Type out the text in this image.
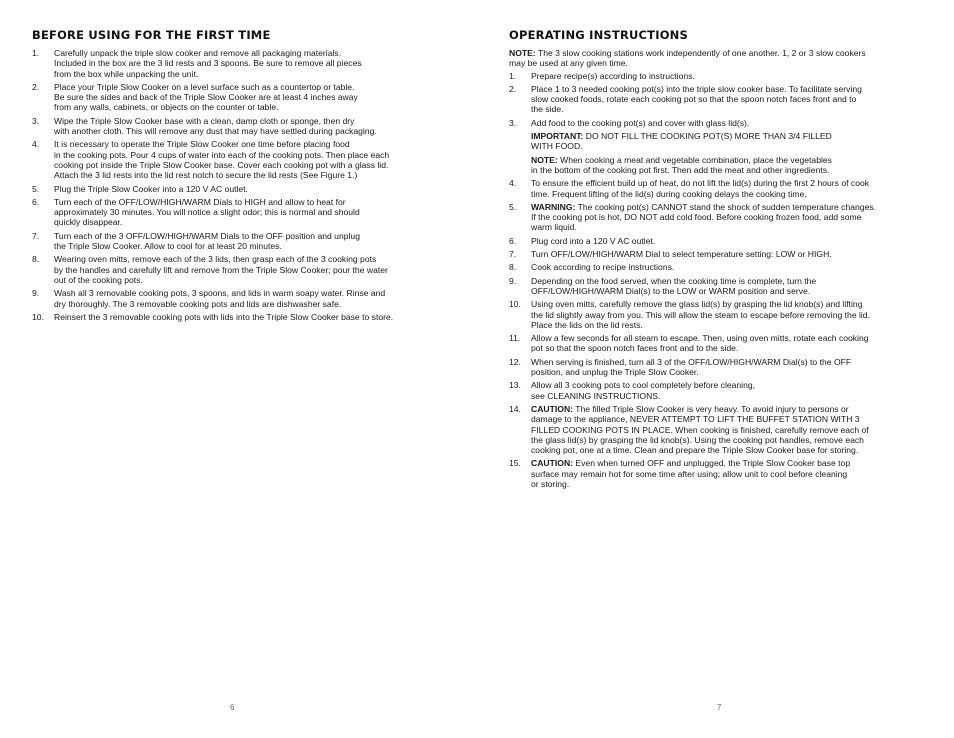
BEFORE USING FOR THE FIRST TIME
1. Carefully unpack the triple slow cooker and remove all packaging materials.
Included in the box are the 3 lid rests and 3 spoons. Be sure to remove all pieces
from the box while unpacking the unit.
2. Place your Triple Slow Cooker on a level surface such as a countertop or table.
Be sure the sides and back of the Triple Slow Cooker are at least 4 inches away
from any walls, cabinets, or objects on the counter or table.
3. Wipe the Triple Slow Cooker base with a clean, damp cloth or sponge, then dry
with another cloth. This will remove any dust that may have settled during packaging.
4. It is necessary to operate the Triple Slow Cooker one time before placing food
in the cooking pots. Pour 4 cups of water into each of the cooking pots. Then place each
cooking pot inside the Triple Slow Cooker base. Cover each cooking pot with a glass lid.
Attach the 3 lid rests into the lid rest notch to secure the lid rests (See Figure 1.)
5. Plug the Triple Slow Cooker into a 120 V AC outlet.
6. Turn each of the OFF/LOW/HIGH/WARM Dials to HIGH and allow to heat for
approximately 30 minutes. You will notice a slight odor; this is normal and should
quickly disappear.
7. Turn each of the 3 OFF/LOW/HIGH/WARM Dials to the OFF position and unplug
the Triple Slow Cooker. Allow to cool for at least 20 minutes.
8. Wearing oven mitts, remove each of the 3 lids, then grasp each of the 3 cooking pots
by the handles and carefully lift and remove from the Triple Slow Cooker; pour the water
out of the cooking pots.
9. Wash all 3 removable cooking pots, 3 spoons, and lids in warm soapy water. Rinse and
dry thoroughly. The 3 removable cooking pots and lids are dishwasher safe.
10. Reinsert the 3 removable cooking pots with lids into the Triple Slow Cooker base to store.
6
OPERATING INSTRUCTIONS
NOTE: The 3 slow cooking stations work independently of one another. 1, 2 or 3 slow cookers
may be used at any given time.
1. Prepare recipe(s) according to instructions.
2. Place 1 to 3 needed cooking pot(s) into the triple slow cooker base. To facilitate serving
slow cooked foods, rotate each cooking pot so that the spoon notch faces front and to
the side.
3. Add food to the cooking pot(s) and cover with glass lid(s).
IMPORTANT: DO NOT FILL THE COOKING POT(S) MORE THAN 3/4 FILLED
WITH FOOD.
NOTE: When cooking a meat and vegetable combination, place the vegetables
in the bottom of the cooking pot first. Then add the meat and other ingredients.
4. To ensure the efficient build up of heat, do not lift the lid(s) during the first 2 hours of cook
time. Frequent lifting of the lid(s) during cooking delays the cooking time.
5. WARNING: The cooking pot(s) CANNOT stand the shock of sudden temperature changes.
If the cooking pot is hot, DO NOT add cold food. Before cooking frozen food, add some
warm liquid.
6. Plug cord into a 120 V AC outlet.
7. Turn OFF/LOW/HIGH/WARM Dial to select temperature setting: LOW or HIGH.
8. Cook according to recipe instructions.
9. Depending on the food served, when the cooking time is complete, turn the
OFF/LOW/HIGH/WARM Dial(s) to the LOW or WARM position and serve.
10. Using oven mitts, carefully remove the glass lid(s) by grasping the lid knob(s) and lifting
the lid slightly away from you. This will allow the steam to escape before removing the lid.
Place the lids on the lid rests.
11. Allow a few seconds for all steam to escape. Then, using oven mitts, rotate each cooking
pot so that the spoon notch faces front and to the side.
12. When serving is finished, turn all 3 of the OFF/LOW/HIGH/WARM Dial(s) to the OFF
position, and unplug the Triple Slow Cooker.
13. Allow all 3 cooking pots to cool completely before cleaning,
see CLEANING INSTRUCTIONS.
14. CAUTION: The filled Triple Slow Cooker is very heavy. To avoid injury to persons or
damage to the appliance, NEVER ATTEMPT TO LIFT THE BUFFET STATION WITH 3
FILLED COOKING POTS IN PLACE. When cooking is finished, carefully remove each of
the glass lid(s) by grasping the lid knob(s). Using the cooking pot handles, remove each
cooking pot, one at a time. Clean and prepare the Triple Slow Cooker base for storing.
15. CAUTION: Even when turned OFF and unplugged, the Triple Slow Cooker base top
surface may remain hot for some time after using; allow unit to cool before cleaning
or storing.
7
